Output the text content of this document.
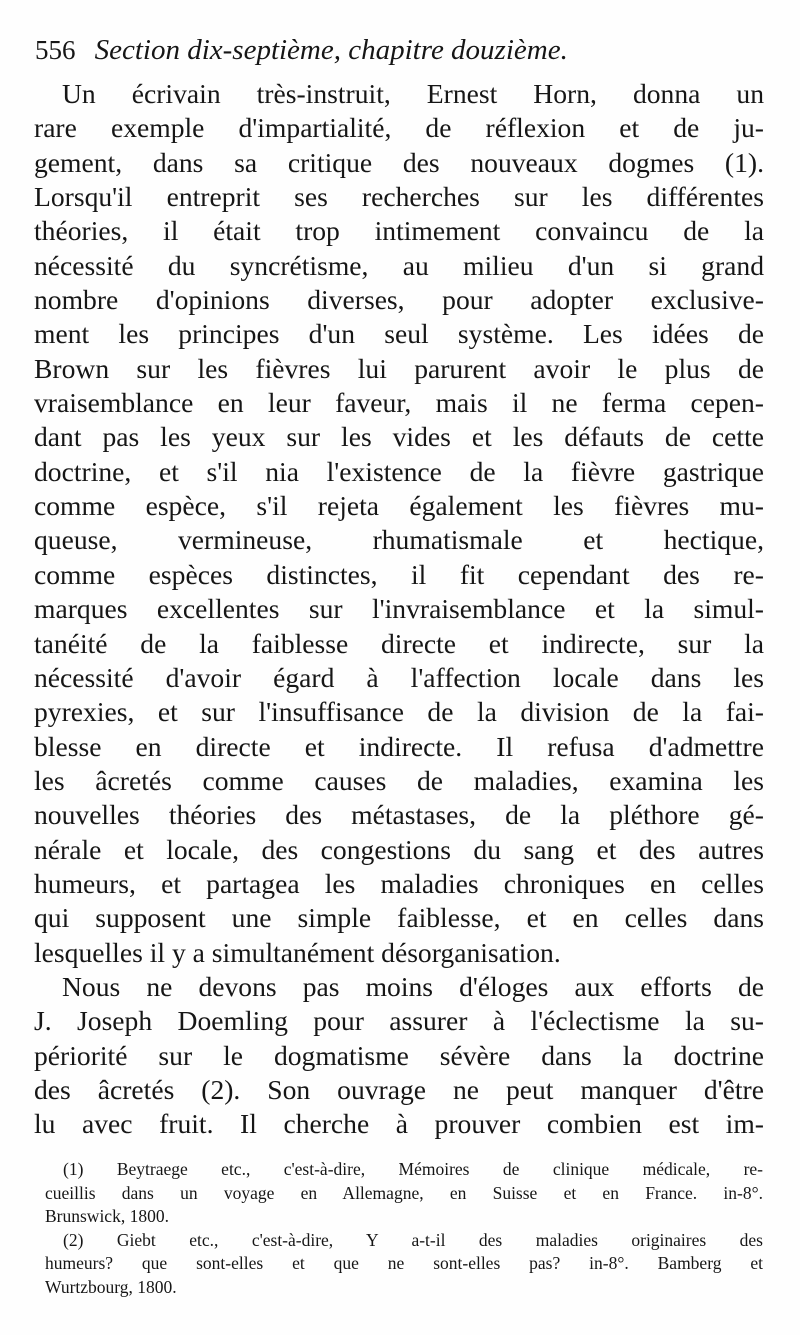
556 Section dix-septième, chapitre douzième.
Un écrivain très-instruit, Ernest Horn, donna un
rare exemple d'impartialité, de réflexion et de ju-
gement, dans sa critique des nouveaux dogmes (1).
Lorsqu'il entreprit ses recherches sur les différentes
théories, il était trop intimement convaincu de la
nécessité du syncrétisme, au milieu d'un si grand
nombre d'opinions diverses, pour adopter exclusive-
ment les principes d'un seul système. Les idées de
Brown sur les fièvres lui parurent avoir le plus de
vraisemblance en leur faveur, mais il ne ferma cepen-
dant pas les yeux sur les vides et les défauts de cette
doctrine, et s'il nia l'existence de la fièvre gastrique
comme espèce, s'il rejeta également les fièvres mu-
queuse, vermineuse, rhumatismale et hectique,
comme espèces distinctes, il fit cependant des re-
marques excellentes sur l'invraisemblance et la simul-
tanéité de la faiblesse directe et indirecte, sur la
nécessité d'avoir égard à l'affection locale dans les
pyrexies, et sur l'insuffisance de la division de la fai-
blesse en directe et indirecte. Il refusa d'admettre
les âcretés comme causes de maladies, examina les
nouvelles théories des métastases, de la pléthore gé-
nérale et locale, des congestions du sang et des autres
humeurs, et partagea les maladies chroniques en celles
qui supposent une simple faiblesse, et en celles dans
lesquelles il y a simultanément désorganisation.
Nous ne devons pas moins d'éloges aux efforts de
J. Joseph Doemling pour assurer à l'éclectisme la su-
périorité sur le dogmatisme sévère dans la doctrine
des âcretés (2). Son ouvrage ne peut manquer d'être
lu avec fruit. Il cherche à prouver combien est im-
(1) Beytraege etc., c'est-à-dire, Mémoires de clinique médicale, re-
cueillis dans un voyage en Allemagne, en Suisse et en France. in-8°.
Brunswick, 1800.
(2) Giebt etc., c'est-à-dire, Y a-t-il des maladies originaires des
humeurs? que sont-elles et que ne sont-elles pas? in-8°. Bamberg et
Wurtzbourg, 1800.
